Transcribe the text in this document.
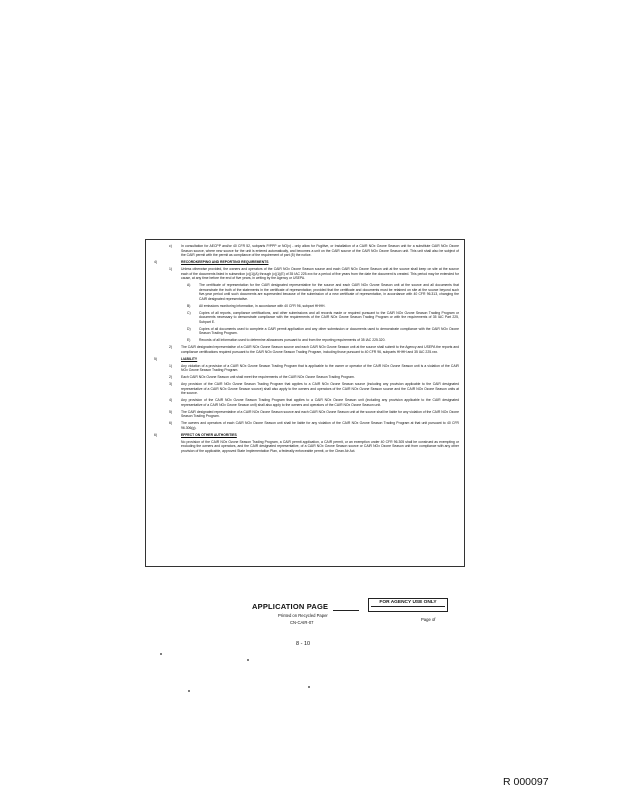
c)	In consultation for AECPP and/or 40 CFR 52, subparts P/PPP or NO(x) - only allow for Fugitive, or Installation of a CAIR NOx Ozone Season unit for a substitute CAIR NOx Ozone Season source, where new source for the unit is entered automatically, and becomes a unit on the CAIR source of the CAIR NOx Ozone Season unit. This unit shall also be subject of the CAIR permit with the permit as compliance of the requirement of part (5) the notice.
4)	RECORDKEEPING AND REPORTING REQUIREMENTS
1)	Unless otherwise provided, the owners and operators of the CAIR NOx Ozone Season source and each CAIR NOx Ozone Season unit at the source shall keep on site at the source each of the documents listed in subsection (c)(1)(A) through (c)(1)(E) of 35 IAC 225.xxx for a period of five years from the date the document is created. This period may be extended for cause, at any time before the end of five years, in writing by the Agency or USEPA.
A)	The certificate of representation for the CAIR designated representative for the source and each CAIR NOx Ozone Season unit at the source and all documents that demonstrate the truth of the statements in the certificate of representation; provided that the certificate and documents must be retained on site at the source beyond such five-year period until such documents are superseded because of the submission of a new certificate of representation, in accordance with 40 CFR 96.313, changing the CAIR designated representative.
B)	All emissions monitoring information, in accordance with 40 CFR 96, subpart HHHH.
C) Copies of all reports, compliance certifications, and other submissions and all records made or required pursuant to the CAIR NOx Ozone Season Trading Program or documents necessary to demonstrate compliance with the requirements of the CAIR NOx Ozone Season Trading Program or with the requirements of 35 IAC Part 225, Subpart E.
D) Copies of all documents used to complete a CAIR permit application and any other submission or documents used to demonstrate compliance with the CAIR NOx Ozone Season Trading Program.
E)	Records of all information used to determine allowances pursuant to and from the reporting requirements of 35 IAC 225.320.
2)	The CAIR designated representative of a CAIR NOx Ozone Season source and each CAIR NOx Ozone Season unit at the source shall submit to the Agency and USEPA the reports and compliance certifications required pursuant to the CAIR NOx Ozone Season Trading Program, including those pursuant to 40 CFR 96, subparts HHHH and 35 IAC 225.xxx.
5)	LIABILITY
1)	Any violation of a provision of a CAIR NOx Ozone Season Trading Program that is applicable to the owner or operator of the CAIR NOx Ozone Season unit is a violation of the CAIR NOx Ozone Season Trading Program.
2)	Each CAIR NOx Ozone Season unit shall meet the requirements of the CAIR NOx Ozone Season Trading Program.
3)	Any provision of the CAIR NOx Ozone Season Trading Program that applies to a CAIR NOx Ozone Season source (including any provision applicable to the CAIR designated representative of a CAIR NOx Ozone Season source) shall also apply to the owners and operators of the CAIR NOx Ozone Season source and the CAIR NOx Ozone Season units at the source.
4)	Any provision of the CAIR NOx Ozone Season Trading Program that applies to a CAIR NOx Ozone Season unit (including any provision applicable to the CAIR designated representative of a CAIR NOx Ozone Season unit) shall also apply to the owners and operators of the CAIR NOx Ozone Season unit.
5)	The CAIR designated representative of a CAIR NOx Ozone Season source and each CAIR NOx Ozone Season unit at the source shall be liable for any violation of the CAIR NOx Ozone Season Trading Program.
6)	The owners and operators of each CAIR NOx Ozone Season unit shall be liable for any violation of the CAIR NOx Ozone Season Trading Program at that unit pursuant to 40 CFR 96.306(g).
6)	EFFECT ON OTHER AUTHORITIES
No provision of the CAIR NOx Ozone Season Trading Program, a CAIR permit application, a CAIR permit, or an exemption under 40 CFR 96.305 shall be construed as exempting or excluding the owners and operators, and the CAIR designated representative, of a CAIR NOx Ozone Season source or CAIR NOx Ozone Season unit from compliance with any other provision of the applicable, approved State Implementation Plan, a federally enforceable permit, or the Clean Air Act.
APPLICATION PAGE
Printed on Recycled Paper
CN-CAIR-07
FOR AGENCY USE ONLY
Page of
8 - 10
R 000097
